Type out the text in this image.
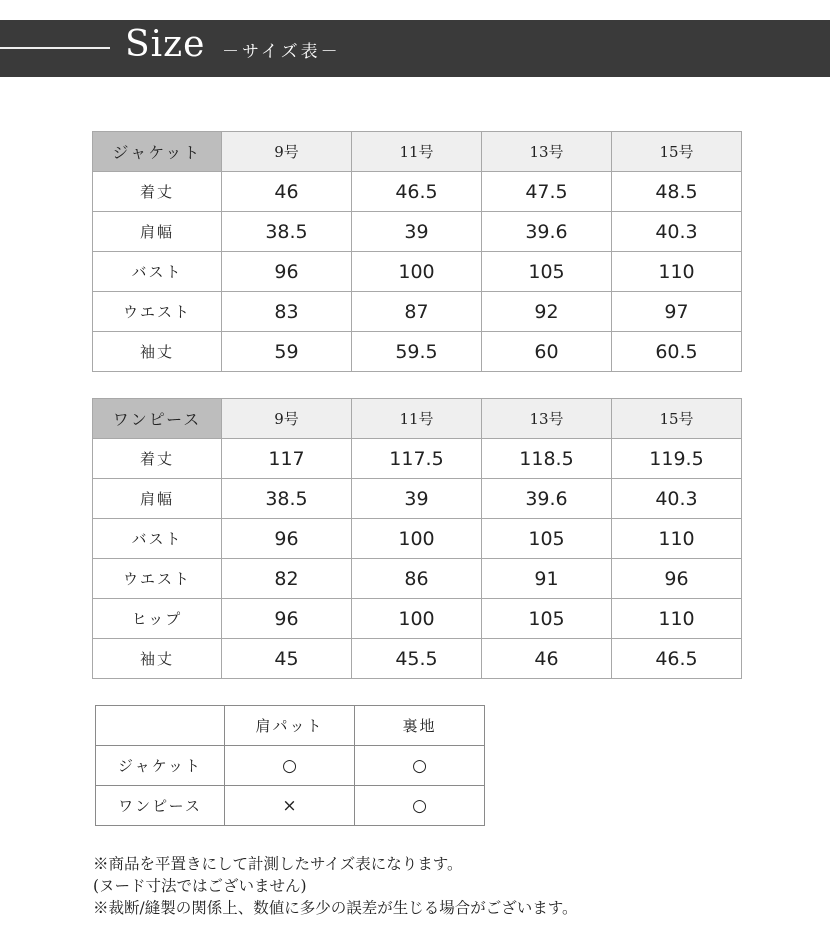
Size －サイズ表－
ジャケット	9号	11号	13号	15号
着丈	46	46.5	47.5	48.5
肩幅	38.5	39	39.6	40.3
バスト	96	100	105	110
ウエスト	83	87	92	97
袖丈	59	59.5	60	60.5
ワンピース	9号	11号	13号	15号
着丈	117	117.5	118.5	119.5
肩幅	38.5	39	39.6	40.3
バスト	96	100	105	110
ウエスト	82	86	91	96
ヒップ	96	100	105	110
袖丈	45	45.5	46	46.5
	肩パット	裏地
ジャケット	○	○
ワンピース	×	○
※商品を平置きにして計測したサイズ表になります。
(ヌード寸法ではございません)
※裁断/縫製の関係上、数値に多少の誤差が生じる場合がございます。
